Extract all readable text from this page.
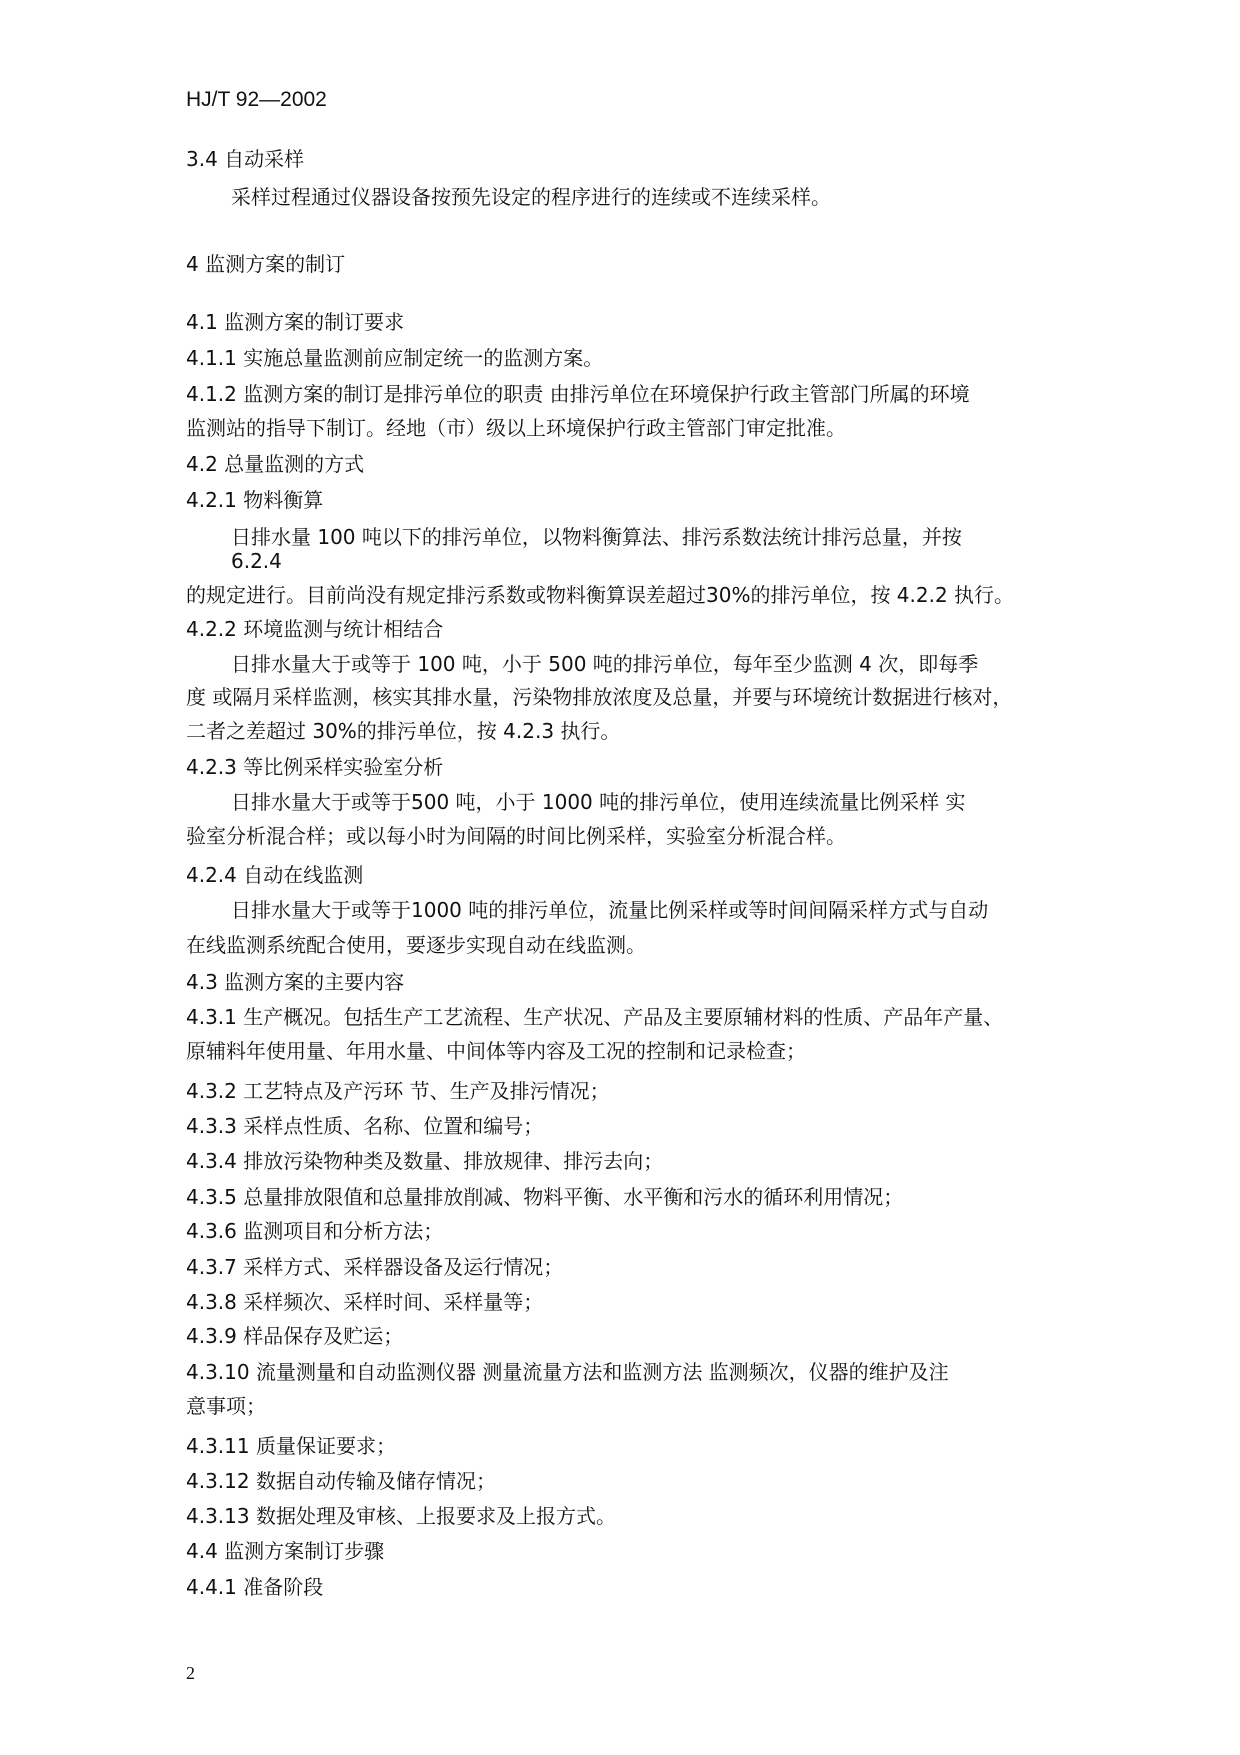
HJ/T 92—2002
3.4 自动采样
采样过程通过仪器设备按预先设定的程序进行的连续或不连续采样。
4 监测方案的制订
4.1 监测方案的制订要求
4.1.1 实施总量监测前应制定统一的监测方案。
4.1.2 监测方案的制订是排污单位的职责 由排污单位在环境保护行政主管部门所属的环境
监测站的指导下制订。经地（市）级以上环境保护行政主管部门审定批准。
4.2 总量监测的方式
4.2.1 物料衡算
日排水量 100 吨以下的排污单位，以物料衡算法、排污系数法统计排污总量，并按
6.2.4
的规定进行。目前尚没有规定排污系数或物料衡算误差超过30%的排污单位，按 4.2.2 执行。
4.2.2 环境监测与统计相结合
日排水量大于或等于 100 吨，小于 500 吨的排污单位，每年至少监测 4 次，即每季
度 或隔月采样监测，核实其排水量，污染物排放浓度及总量，并要与环境统计数据进行核对，
二者之差超过 30%的排污单位，按 4.2.3 执行。
4.2.3 等比例采样实验室分析
日排水量大于或等于500 吨，小于 1000 吨的排污单位，使用连续流量比例采样 实
验室分析混合样；或以每小时为间隔的时间比例采样，实验室分析混合样。
4.2.4 自动在线监测
日排水量大于或等于1000 吨的排污单位，流量比例采样或等时间间隔采样方式与自动
在线监测系统配合使用，要逐步实现自动在线监测。
4.3 监测方案的主要内容
4.3.1 生产概况。包括生产工艺流程、生产状况、产品及主要原辅材料的性质、产品年产量、
原辅料年使用量、年用水量、中间体等内容及工况的控制和记录检查；
4.3.2 工艺特点及产污环 节、生产及排污情况；
4.3.3 采样点性质、名称、位置和编号；
4.3.4 排放污染物种类及数量、排放规律、排污去向；
4.3.5 总量排放限值和总量排放削减、物料平衡、水平衡和污水的循环利用情况；
4.3.6 监测项目和分析方法；
4.3.7 采样方式、采样器设备及运行情况；
4.3.8 采样频次、采样时间、采样量等；
4.3.9 样品保存及贮运；
4.3.10 流量测量和自动监测仪器 测量流量方法和监测方法 监测频次，仪器的维护及注
意事项；
4.3.11 质量保证要求；
4.3.12 数据自动传输及储存情况；
4.3.13 数据处理及审核、上报要求及上报方式。
4.4 监测方案制订步骤
4.4.1 准备阶段
2
